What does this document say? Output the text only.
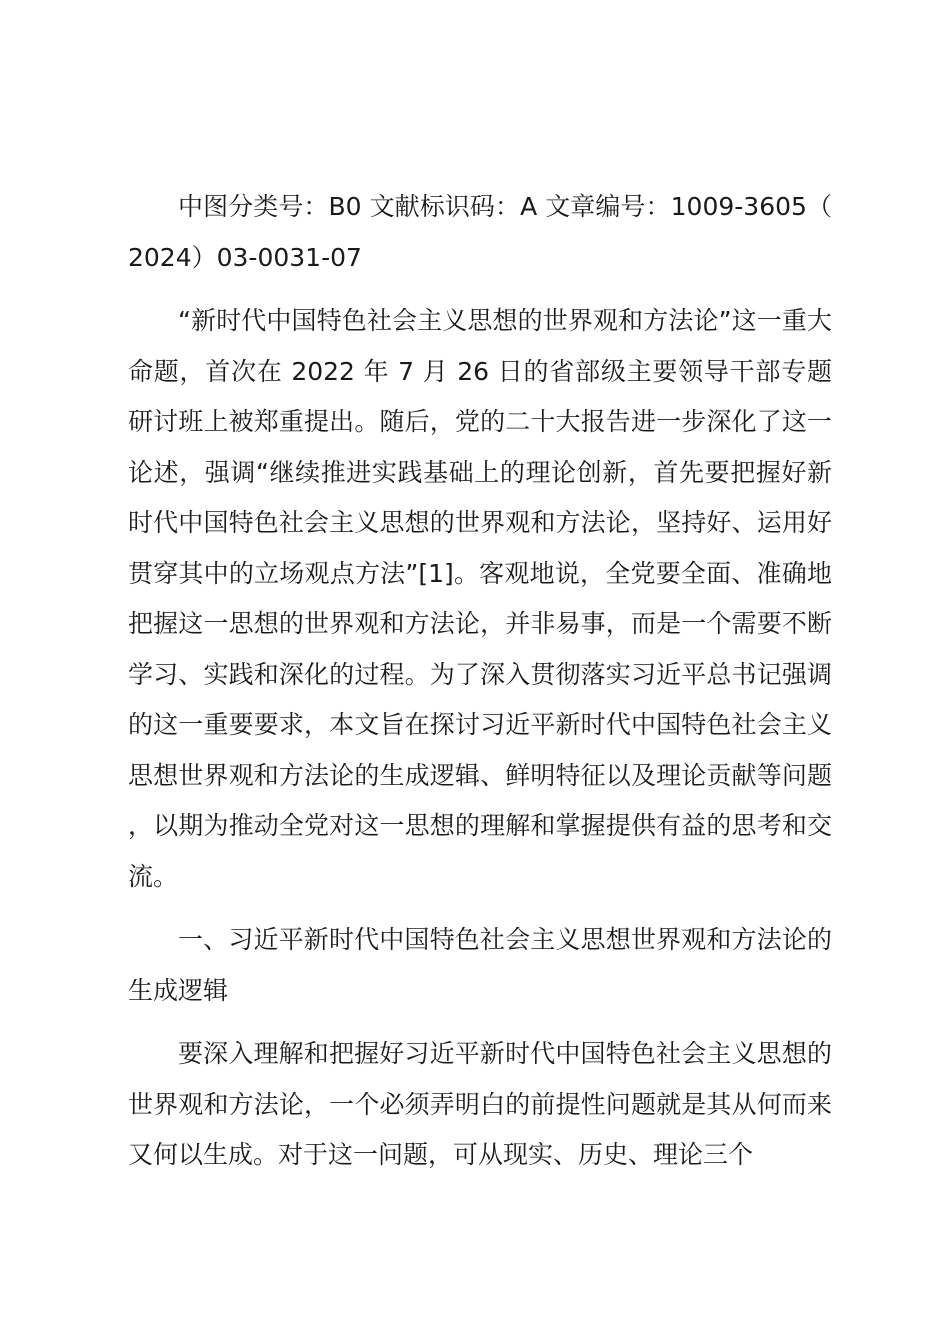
中图分类号：B0 文献标识码：A 文章编号：1009-3605（2024）03-0031-07

“新时代中国特色社会主义思想的世界观和方法论”这一重大命题，首次在 2022 年 7 月 26 日的省部级主要领导干部专题研讨班上被郑重提出。随后，党的二十大报告进一步深化了这一论述，强调“继续推进实践基础上的理论创新，首先要把握好新时代中国特色社会主义思想的世界观和方法论，坚持好、运用好贯穿其中的立场观点方法”[1]。客观地说，全党要全面、准确地把握这一思想的世界观和方法论，并非易事，而是一个需要不断学习、实践和深化的过程。为了深入贯彻落实习近平总书记强调的这一重要要求，本文旨在探讨习近平新时代中国特色社会主义思想世界观和方法论的生成逻辑、鲜明特征以及理论贡献等问题，以期为推动全党对这一思想的理解和掌握提供有益的思考和交流。

一、习近平新时代中国特色社会主义思想世界观和方法论的生成逻辑

要深入理解和把握好习近平新时代中国特色社会主义思想的世界观和方法论，一个必须弄明白的前提性问题就是其从何而来又何以生成。对于这一问题，可从现实、历史、理论三个
